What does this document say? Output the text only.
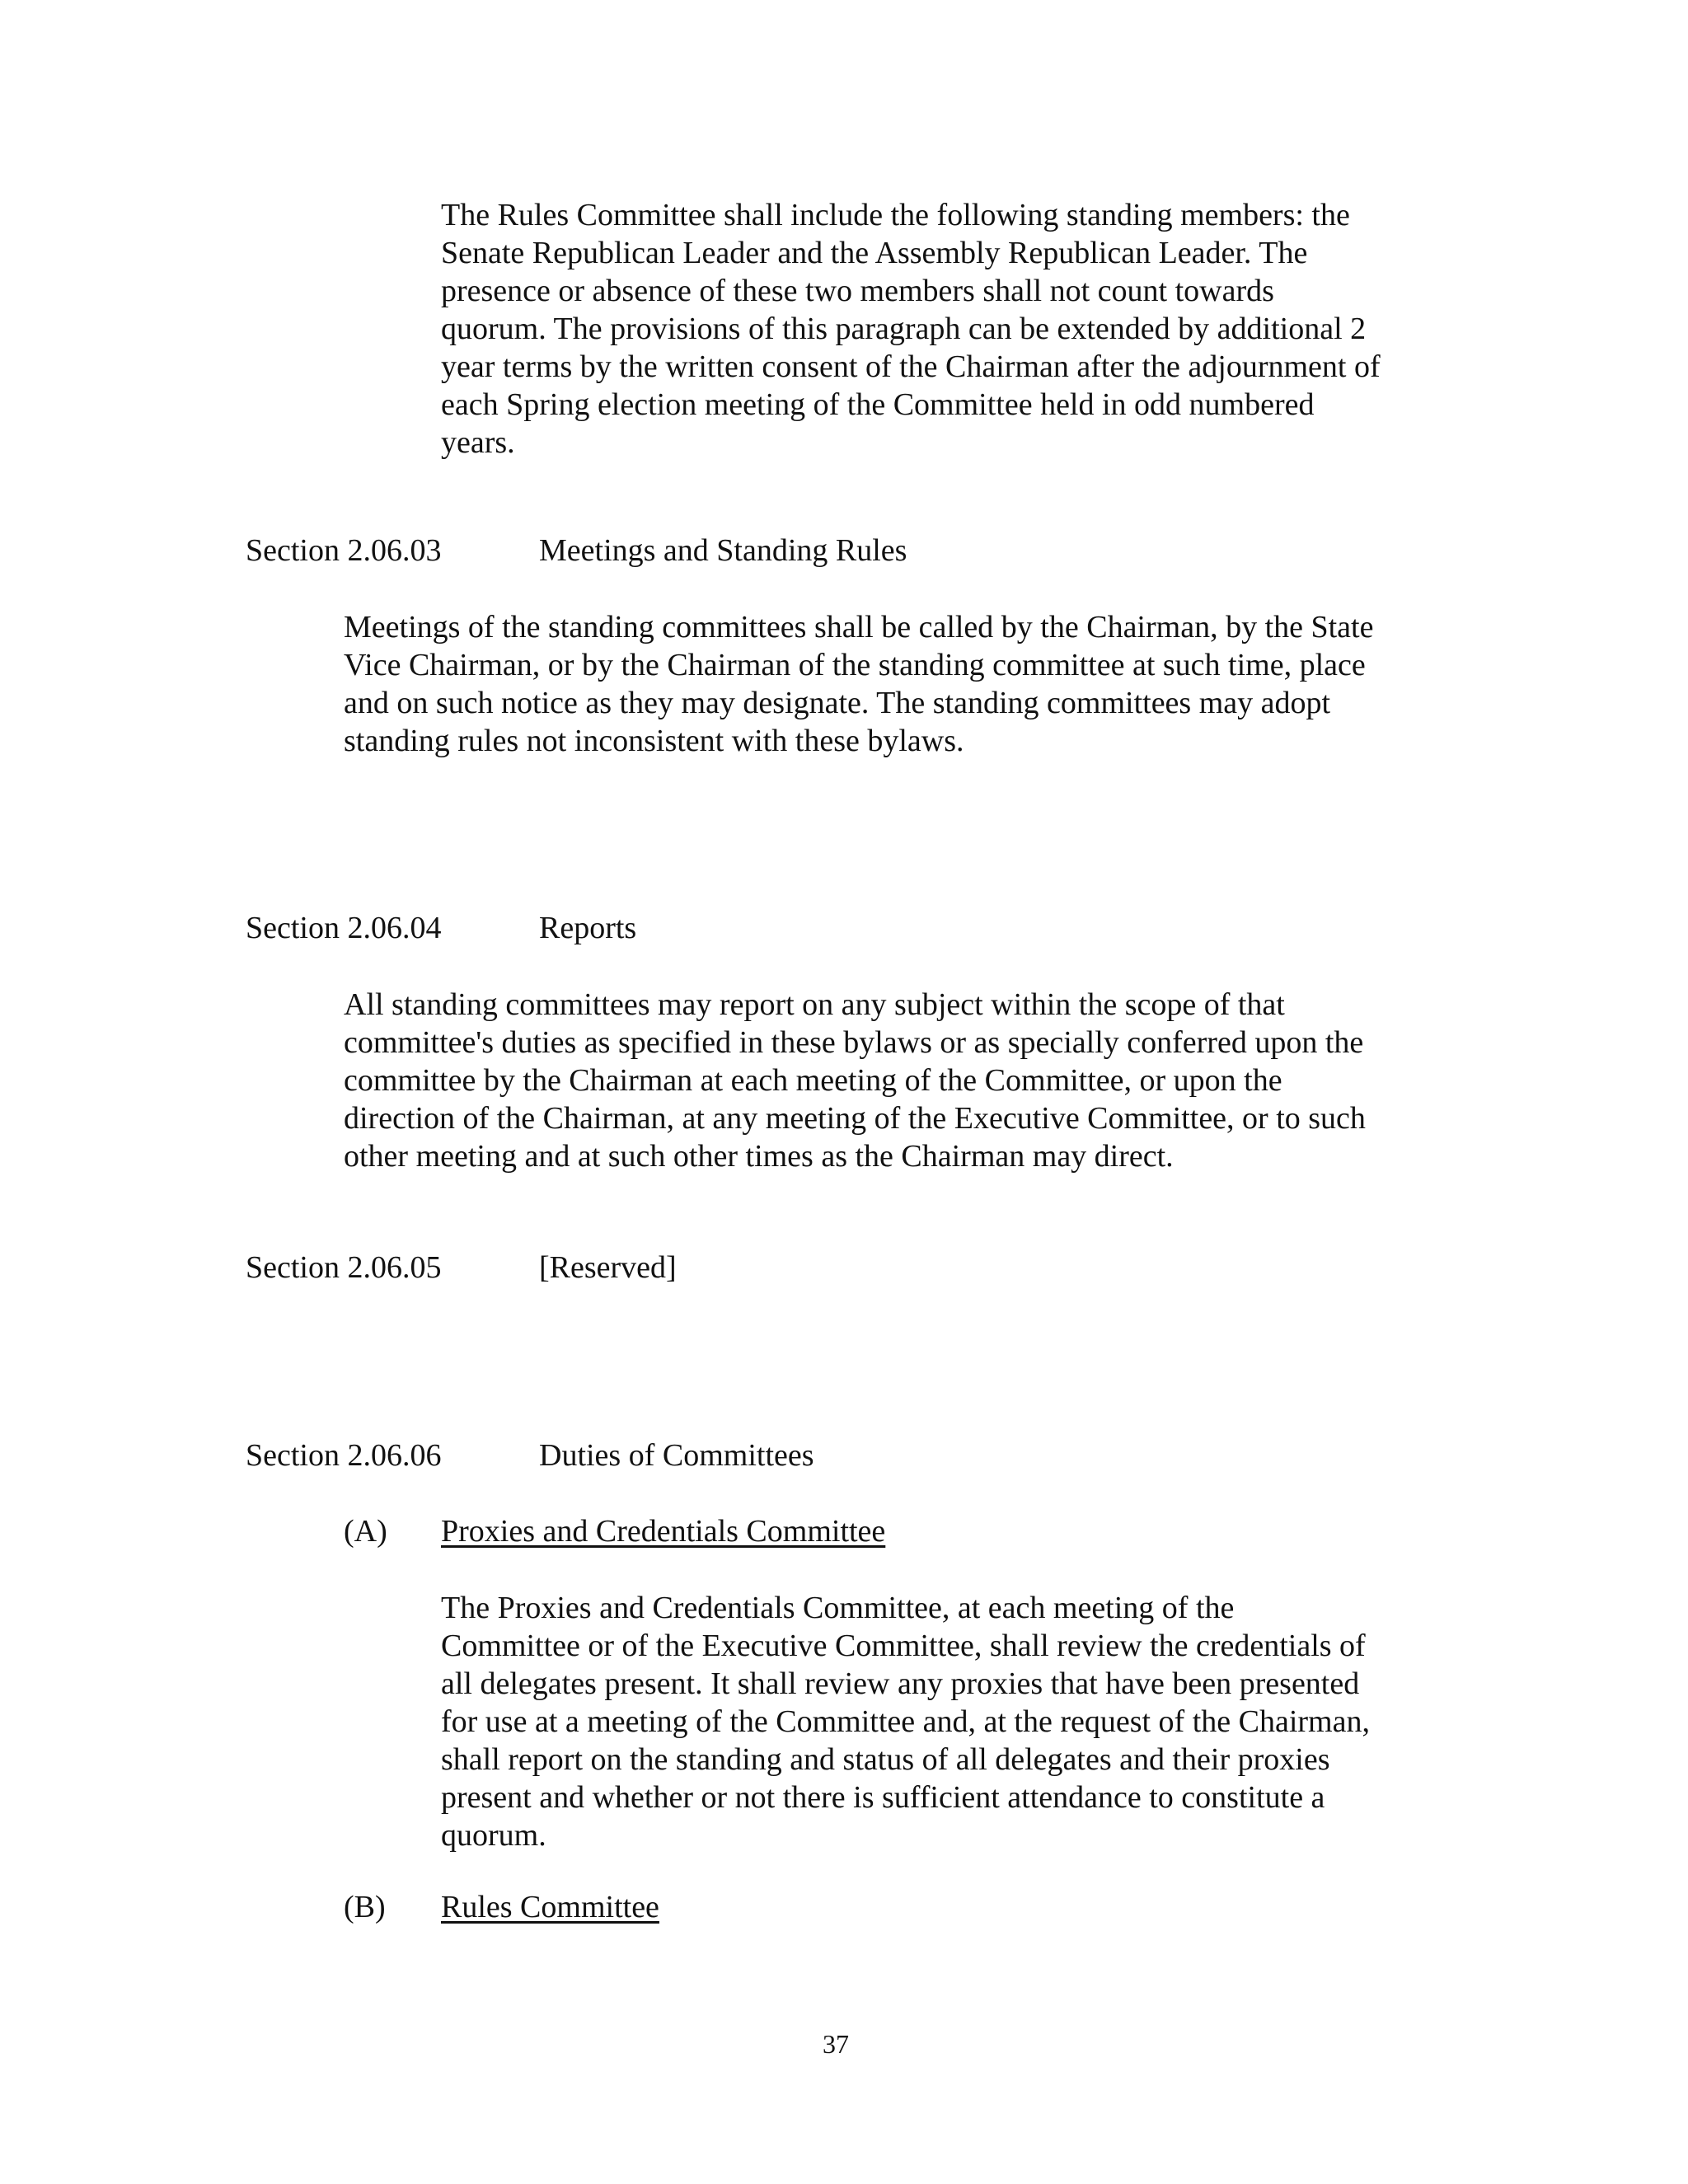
The Rules Committee shall include the following standing members: the
Senate Republican Leader and the Assembly Republican Leader. The
presence or absence of these two members shall not count towards
quorum. The provisions of this paragraph can be extended by additional 2
year terms by the written consent of the Chairman after the adjournment of
each Spring election meeting of the Committee held in odd numbered
years.
Section 2.06.03	Meetings and Standing Rules
Meetings of the standing committees shall be called by the Chairman, by the State
Vice Chairman, or by the Chairman of the standing committee at such time, place
and on such notice as they may designate. The standing committees may adopt
standing rules not inconsistent with these bylaws.
Section 2.06.04	Reports
All standing committees may report on any subject within the scope of that
committee's duties as specified in these bylaws or as specially conferred upon the
committee by the Chairman at each meeting of the Committee, or upon the
direction of the Chairman, at any meeting of the Executive Committee, or to such
other meeting and at such other times as the Chairman may direct.
Section 2.06.05	[Reserved]
Section 2.06.06	Duties of Committees
(A) Proxies and Credentials Committee
The Proxies and Credentials Committee, at each meeting of the
Committee or of the Executive Committee, shall review the credentials of
all delegates present. It shall review any proxies that have been presented
for use at a meeting of the Committee and, at the request of the Chairman,
shall report on the standing and status of all delegates and their proxies
present and whether or not there is sufficient attendance to constitute a
quorum.
(B) Rules Committee
37
